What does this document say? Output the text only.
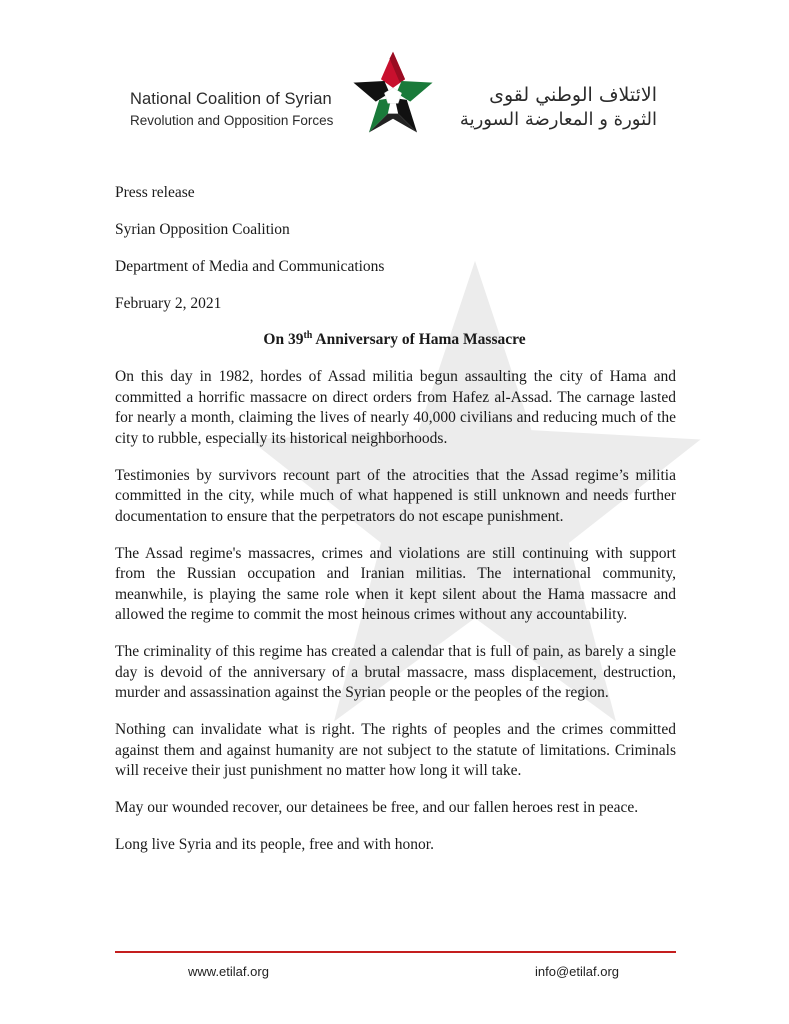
National Coalition of Syrian
Revolution and Opposition Forces
الائتلاف الوطني لقوى
الثورة و المعارضة السورية
Press release
Syrian Opposition Coalition
Department of Media and Communications
February 2, 2021
On 39th Anniversary of Hama Massacre

On this day in 1982, hordes of Assad militia begun assaulting the city of Hama and committed a horrific massacre on direct orders from Hafez al-Assad. The carnage lasted for nearly a month, claiming the lives of nearly 40,000 civilians and reducing much of the city to rubble, especially its historical neighborhoods.

Testimonies by survivors recount part of the atrocities that the Assad regime’s militia committed in the city, while much of what happened is still unknown and needs further documentation to ensure that the perpetrators do not escape punishment.

The Assad regime's massacres, crimes and violations are still continuing with support from the Russian occupation and Iranian militias. The international community, meanwhile, is playing the same role when it kept silent about the Hama massacre and allowed the regime to commit the most heinous crimes without any accountability.

The criminality of this regime has created a calendar that is full of pain, as barely a single day is devoid of the anniversary of a brutal massacre, mass displacement, destruction, murder and assassination against the Syrian people or the peoples of the region.

Nothing can invalidate what is right. The rights of peoples and the crimes committed against them and against humanity are not subject to the statute of limitations. Criminals will receive their just punishment no matter how long it will take.

May our wounded recover, our detainees be free, and our fallen heroes rest in peace.

Long live Syria and its people, free and with honor.

www.etilaf.org	info@etilaf.org
